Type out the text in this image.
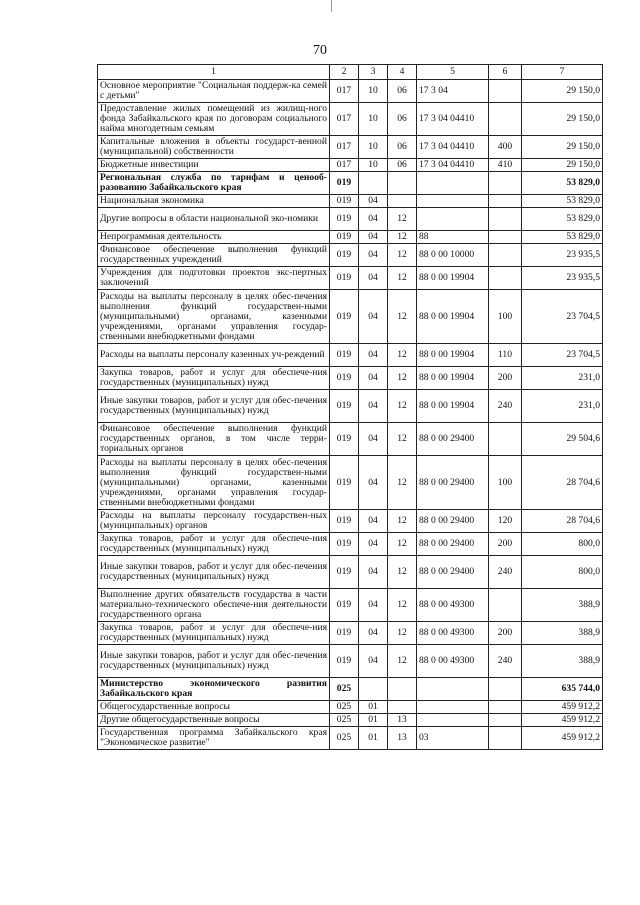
70
1	2	3	4	5	6	7
Основное мероприятие "Социальная поддерж-ка семей с детьми"	017	10	06	17 3 04		29 150,0
Предоставление жилых помещений из жилищ-ного фонда Забайкальского края по договорам социального найма многодетным семьям	017	10	06	17 3 04 04410		29 150,0
Капитальные вложения в объекты государст-венной (муниципальной) собственности	017	10	06	17 3 04 04410	400	29 150,0
Бюджетные инвестиции	017	10	06	17 3 04 04410	410	29 150,0
Региональная служба по тарифам и ценооб-разованию Забайкальского края	019					53 829,0
Национальная экономика	019	04				53 829,0
Другие вопросы в области национальной эко-номики	019	04	12			53 829,0
Непрограммная деятельность	019	04	12	88		53 829,0
Финансовое обеспечение выполнения функций государственных учреждений	019	04	12	88 0 00 10000		23 935,5
Учреждения для подготовки проектов экс-пертных заключений	019	04	12	88 0 00 19904		23 935,5
Расходы на выплаты персоналу в целях обес-печения выполнения функций государствен-ными (муниципальными) органами, казенными учреждениями, органами управления государ-ственными внебюджетными фондами	019	04	12	88 0 00 19904	100	23 704,5
Расходы на выплаты персоналу казенных уч-реждений	019	04	12	88 0 00 19904	110	23 704,5
Закупка товаров, работ и услуг для обеспече-ния государственных (муниципальных) нужд	019	04	12	88 0 00 19904	200	231,0
Иные закупки товаров, работ и услуг для обес-печения государственных (муниципальных) нужд	019	04	12	88 0 00 19904	240	231,0
Финансовое обеспечение выполнения функций государственных органов, в том числе терри-ториальных органов	019	04	12	88 0 00 29400		29 504,6
Расходы на выплаты персоналу в целях обес-печения выполнения функций государствен-ными (муниципальными) органами, казенными учреждениями, органами управления государ-ственными внебюджетными фондами	019	04	12	88 0 00 29400	100	28 704,6
Расходы на выплаты персоналу государствен-ных (муниципальных) органов	019	04	12	88 0 00 29400	120	28 704,6
Закупка товаров, работ и услуг для обеспече-ния государственных (муниципальных) нужд	019	04	12	88 0 00 29400	200	800,0
Иные закупки товаров, работ и услуг для обес-печения государственных (муниципальных) нужд	019	04	12	88 0 00 29400	240	800,0
Выполнение других обязательств государства в части материально-технического обеспече-ния деятельности государственного органа	019	04	12	88 0 00 49300		388,9
Закупка товаров, работ и услуг для обеспече-ния государственных (муниципальных) нужд	019	04	12	88 0 00 49300	200	388,9
Иные закупки товаров, работ и услуг для обес-печения государственных (муниципальных) нужд	019	04	12	88 0 00 49300	240	388,9
Министерство экономического развития Забайкальского края	025					635 744,0
Общегосударственные вопросы	025	01				459 912,2
Другие общегосударственные вопросы	025	01	13			459 912,2
Государственная программа Забайкальского края "Экономическое развитие"	025	01	13	03		459 912,2
